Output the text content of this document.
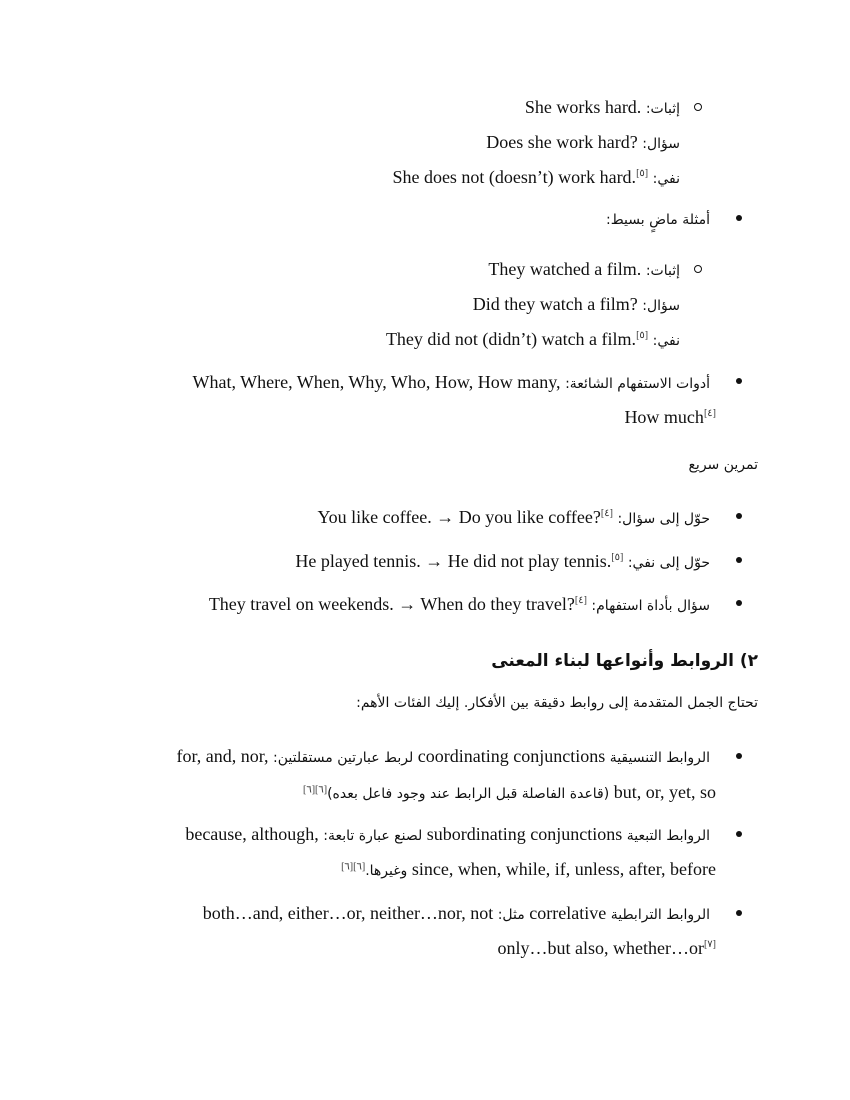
إثبات: She works hard.
سؤال: Does she work hard?
نفي: She does not (doesn’t) work hard.[٥]
أمثلة ماضٍ بسيط:
إثبات: They watched a film.
سؤال: Did they watch a film?
نفي: They did not (didn’t) watch a film.[٥]
أدوات الاستفهام الشائعة: What, Where, When, Why, Who, How, How many,
How much[٤]
تمرين سريع
حوّل إلى سؤال: You like coffee. → Do you like coffee?[٤]
حوّل إلى نفي: He played tennis. → He did not play tennis.[٥]
سؤال بأداة استفهام: They travel on weekends. → When do they travel?[٤]
٢) الروابط وأنواعها لبناء المعنى
تحتاج الجمل المتقدمة إلى روابط دقيقة بين الأفكار. إليك الفئات الأهم:
الروابط التنسيقية coordinating conjunctions لربط عبارتين مستقلتين: for, and, nor,
but, or, yet, so (قاعدة الفاصلة قبل الرابط عند وجود فاعل بعده)[٦][٦]
الروابط التبعية subordinating conjunctions لصنع عبارة تابعة: because, although,
since, when, while, if, unless, after, before وغيرها.[٦][٦]
الروابط الترابطية correlative مثل: both…and, either…or, neither…nor, not
only…but also, whether…or[٧]
